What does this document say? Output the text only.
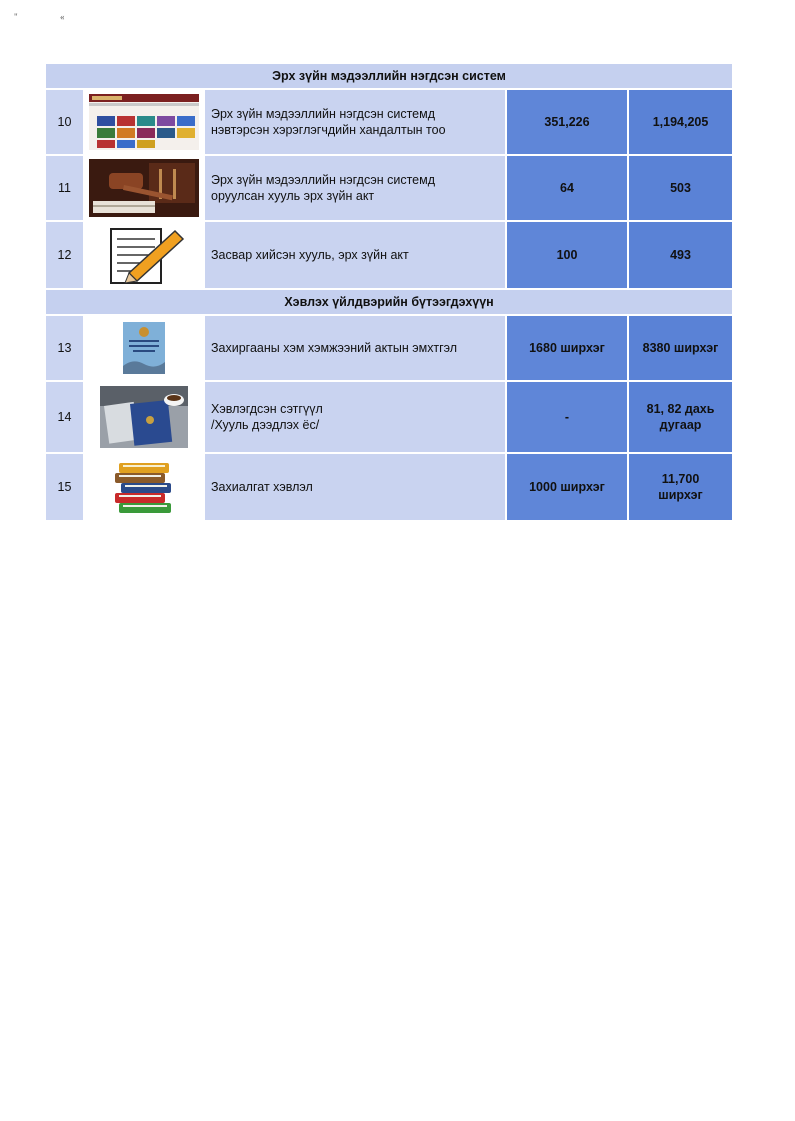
"	«
Эрх зүйн мэдээллийн нэгдсэн систем				
10		Эрх зүйн мэдээллийн нэгдсэн системд
нэвтэрсэн хэрэглэгчдийн хандалтын тоо	351,226	1,194,205

11		Эрх зүйн мэдээллийн нэгдсэн системд
оруулсан хууль эрх зүйн акт	64	503

12		Засвар хийсэн хууль, эрх зүйн акт	100	493

Хэвлэх үйлдвэрийн бүтээгдэхүүн				
13		Захиргааны хэм хэмжээний актын эмхтгэл	1680 ширхэг	8380 ширхэг

14		Хэвлэгдсэн сэтгүүл
/Хууль дээдлэх ёс/	-	81, 82 дахь
дугаар

15		Захиалгат хэвлэл	1000 ширхэг	11,700
ширхэг
